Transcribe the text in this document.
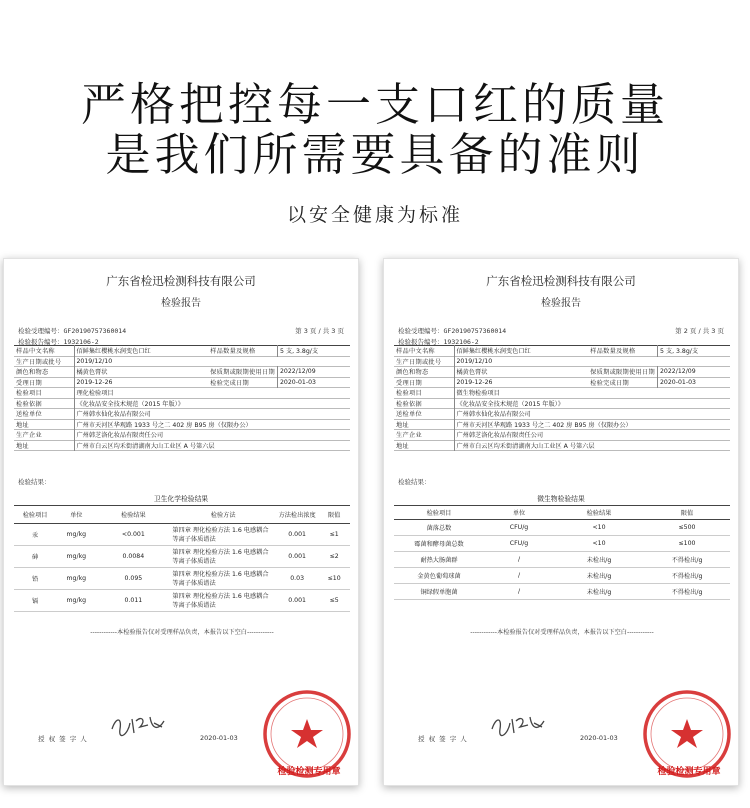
严格把控每一支口红的质量
是我们所需要具备的准则
以安全健康为标准
广东省检迅检测科技有限公司
检验报告
检验受理编号：GF20190757360014
检验报告编号：1932106-2
第 3 页 / 共 3 页
样品中文名称	佰鲜集红樱桃水润变色口红	样品数量及规格	5 支, 3.8g/支
生产日期或批号	2019/12/10		
颜色和物态	橘黄色膏状	保质期或限期使用日期	2022/12/09
受理日期	2019-12-26	检验完成日期	2020-01-03
检验项目	理化检验项目		
检验依据	《化妆品安全技术规范（2015 年版）》		
送检单位	广州韩水仙化妆品有限公司		
地址	广州市天河区华观路 1933 号之二 402 房 B95 房（仅限办公）		
生产企业	广州韩芝洛化妆品有限责任公司		
地址	广州市白云区均禾街清湖南大山工业区 A 号第六层		
检验结果：
卫生化学检验结果
检验项目	单位	检验结果	检验方法	方法检出浓度	限值
汞	mg/kg	<0.001	第四章 理化检验方法 1.6 电感耦合等离子体质谱法	0.001	≤1
砷	mg/kg	0.0084	第四章 理化检验方法 1.6 电感耦合等离子体质谱法	0.001	≤2
铅	mg/kg	0.095	第四章 理化检验方法 1.6 电感耦合等离子体质谱法	0.03	≤10
镉	mg/kg	0.011	第四章 理化检验方法 1.6 电感耦合等离子体质谱法	0.001	≤5
------------本检验报告仅对受理样品负责，本报告以下空白------------
授 权 签 字 人	2020-01-03
检验检测专用章
广东省检迅检测科技有限公司
检验报告
检验受理编号：GF20190757360014
检验报告编号：1932106-2
第 2 页 / 共 3 页
样品中文名称	佰鲜集红樱桃水润变色口红	样品数量及规格	5 支, 3.8g/支
生产日期或批号	2019/12/10		
颜色和物态	橘黄色膏状	保质期或限期使用日期	2022/12/09
受理日期	2019-12-26	检验完成日期	2020-01-03
检验项目	微生物检验项目		
检验依据	《化妆品安全技术规范（2015 年版）》		
送检单位	广州韩水仙化妆品有限公司		
地址	广州市天河区华观路 1933 号之二 402 房 B95 房（仅限办公）		
生产企业	广州韩芝洛化妆品有限责任公司		
地址	广州市白云区均禾街清湖南大山工业区 A 号第六层		
检验结果：
微生物检验结果
检验项目	单位	检验结果	限值
菌落总数	CFU/g	<10	≤500
霉菌和酵母菌总数	CFU/g	<10	≤100
耐热大肠菌群	/	未检出/g	不得检出/g
金黄色葡萄球菌	/	未检出/g	不得检出/g
铜绿假单胞菌	/	未检出/g	不得检出/g
------------本检验报告仅对受理样品负责，本报告以下空白------------
授 权 签 字 人	2020-01-03
检验检测专用章
